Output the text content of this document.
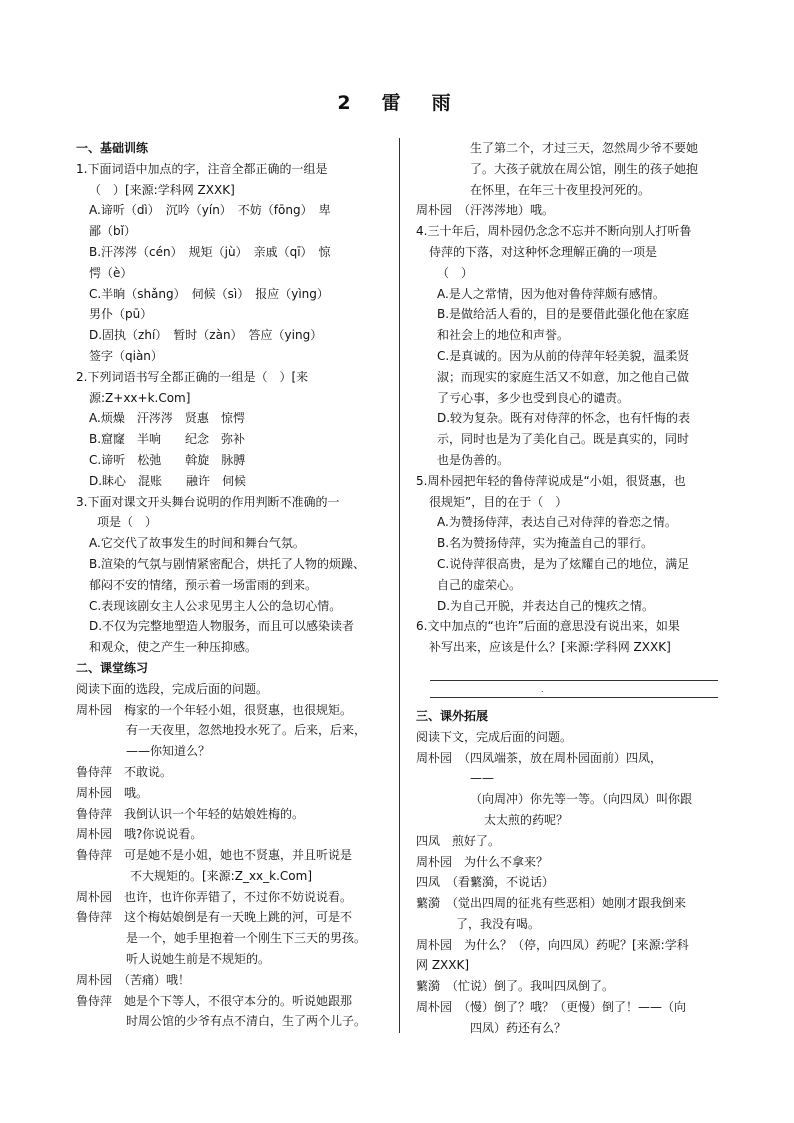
2　雷　雨
一、基础训练
1.下面词语中加点的字，注音全都正确的一组是
（　）[来源:学科网 ZXXK]
A.谛听（dì）　沉吟（yín）　不妨（fōng）　卑
鄙（bǐ）
B.汗涔涔（cén）　规矩（jù）　亲戚（qī）　惊
愕（è）
C.半晌（shǎng）　伺候（sì）　报应（yìng）
男仆（pū）
D.固执（zhí）　暂时（zàn）　答应（ying）
签字（qiàn）
2.下列词语书写全都正确的一组是（　）[来
源:Z+xx+k.Com]
A.烦燥　汗涔涔　贤惠　惊愕
B.窟窿　半响　　纪念　弥补
C.谛听　松弛　　斡旋　脉膊
D.眛心　混账　　融许　伺候
3.下面对课文开头舞台说明的作用判断不准确的一
项是（　）
A.它交代了故事发生的时间和舞台气氛。
B.渲染的气氛与剧情紧密配合，烘托了人物的烦躁、
郁闷不安的情绪，预示着一场雷雨的到来。
C.表现该剧女主人公求见男主人公的急切心情。
D.不仅为完整地塑造人物服务，而且可以感染读者
和观众，使之产生一种压抑感。
二、课堂练习
阅读下面的选段，完成后面的问题。
周朴园　梅家的一个年轻小姐，很贤惠，也很规矩。
有一天夜里，忽然地投水死了。后来，后来，
——你知道么？
鲁侍萍　不敢说。
周朴园　哦。
鲁侍萍　我倒认识一个年轻的姑娘姓梅的。
周朴园　哦?你说说看。
鲁侍萍　可是她不是小姐，她也不贤惠，并且听说是
不大规矩的。[来源:Z_xx_k.Com]
周朴园　也许，也许你弄错了，不过你不妨说说看。
鲁侍萍　这个梅姑娘倒是有一天晚上跳的河，可是不
是一个，她手里抱着一个刚生下三天的男孩。
听人说她生前是不规矩的。
周朴园　（苦痛）哦！
鲁侍萍　她是个下等人，不很守本分的。听说她跟那
时周公馆的少爷有点不清白，生了两个儿子。
生了第二个，才过三天，忽然周少爷不要她
了。大孩子就放在周公馆，刚生的孩子她抱
在怀里，在年三十夜里投河死的。
周朴园　（汗涔涔地）哦。
4.三十年后，周朴园仍念念不忘并不断向别人打听鲁
侍萍的下落，对这种怀念理解正确的一项是
（　）
A.是人之常情，因为他对鲁侍萍颇有感情。
B.是做给活人看的，目的是要借此强化他在家庭
和社会上的地位和声誉。
C.是真诚的。因为从前的侍萍年轻美貌，温柔贤
淑；而现实的家庭生活又不如意，加之他自己做
了亏心事，多少也受到良心的谴责。
D.较为复杂。既有对侍萍的怀念，也有忏悔的表
示，同时也是为了美化自己。既是真实的，同时
也是伪善的。
5.周朴园把年轻的鲁侍萍说成是“小姐，很贤惠，也
很规矩”，目的在于（　）
A.为赞扬侍萍，表达自己对侍萍的眷恋之情。
B.名为赞扬侍萍，实为掩盖自己的罪行。
C.说侍萍很高贵，是为了炫耀自己的地位，满足
自己的虚荣心。
D.为自己开脱，并表达自己的愧疚之情。
6.文中加点的“也许”后面的意思没有说出来，如果
补写出来，应该是什么？[来源:学科网 ZXXK]
.
三、课外拓展
阅读下文，完成后面的问题。
周朴园　（四凤端茶，放在周朴园面前）四凤，
——
（向周冲）你先等一等。（向四凤）叫你跟
太太煎的药呢？
四凤　煎好了。
周朴园　为什么不拿来？
四凤　（看蘩漪，不说话）
蘩漪　（觉出四周的征兆有些恶相）她刚才跟我倒来
了，我没有喝。
周朴园　为什么？（停，向四凤）药呢？[来源:学科
网 ZXXK]
蘩漪　（忙说）倒了。我叫四凤倒了。
周朴园　（慢）倒了？哦？（更慢）倒了！——（向
四凤）药还有么？
